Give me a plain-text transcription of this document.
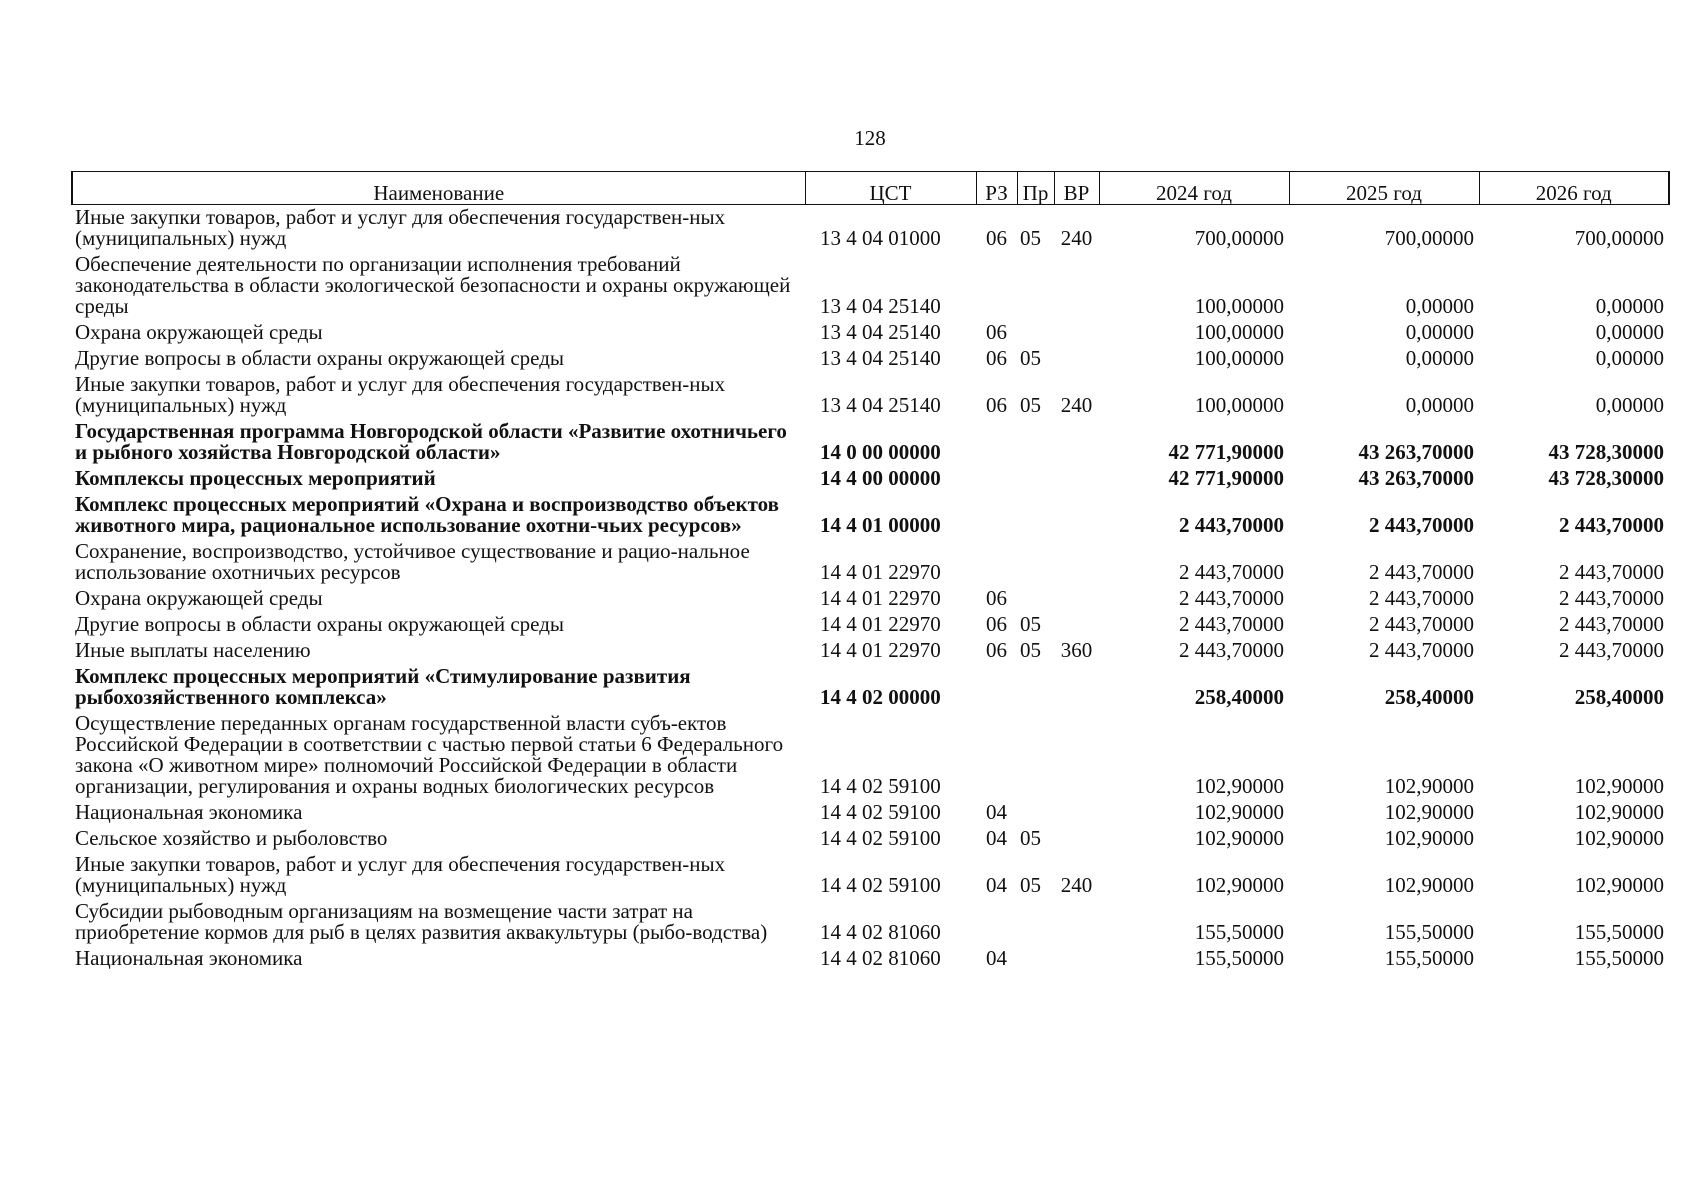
128
Наименование	ЦСТ	РЗ	Пр	ВР	2024 год	2025 год	2026 год
Иные закупки товаров, работ и услуг для обеспечения государствен-ных (муниципальных) нужд	13 4 04 01000	06	05	240	700,00000	700,00000	700,00000
Обеспечение деятельности по организации исполнения требований законодательства в области экологической безопасности и охраны окружающей среды	13 4 04 25140				100,00000	0,00000	0,00000
Охрана окружающей среды	13 4 04 25140	06			100,00000	0,00000	0,00000
Другие вопросы в области охраны окружающей среды	13 4 04 25140	06	05		100,00000	0,00000	0,00000
Иные закупки товаров, работ и услуг для обеспечения государствен-ных (муниципальных) нужд	13 4 04 25140	06	05	240	100,00000	0,00000	0,00000
Государственная программа Новгородской области «Развитие охотничьего и рыбного хозяйства Новгородской области»	14 0 00 00000				42 771,90000	43 263,70000	43 728,30000
Комплексы процессных мероприятий	14 4 00 00000				42 771,90000	43 263,70000	43 728,30000
Комплекс процессных мероприятий «Охрана и воспроизводство объектов животного мира, рациональное использование охотни-чьих ресурсов»	14 4 01 00000				2 443,70000	2 443,70000	2 443,70000
Сохранение, воспроизводство, устойчивое существование и рацио-нальное использование охотничьих ресурсов	14 4 01 22970				2 443,70000	2 443,70000	2 443,70000
Охрана окружающей среды	14 4 01 22970	06			2 443,70000	2 443,70000	2 443,70000
Другие вопросы в области охраны окружающей среды	14 4 01 22970	06	05		2 443,70000	2 443,70000	2 443,70000
Иные выплаты населению	14 4 01 22970	06	05	360	2 443,70000	2 443,70000	2 443,70000
Комплекс процессных мероприятий «Стимулирование развития рыбохозяйственного комплекса»	14 4 02 00000				258,40000	258,40000	258,40000
Осуществление переданных органам государственной власти субъ-ектов Российской Федерации в соответствии с частью первой статьи 6 Федерального закона «О животном мире» полномочий Российской Федерации в области организации, регулирования и охраны водных биологических ресурсов	14 4 02 59100				102,90000	102,90000	102,90000
Национальная экономика	14 4 02 59100	04			102,90000	102,90000	102,90000
Сельское хозяйство и рыболовство	14 4 02 59100	04	05		102,90000	102,90000	102,90000
Иные закупки товаров, работ и услуг для обеспечения государствен-ных (муниципальных) нужд	14 4 02 59100	04	05	240	102,90000	102,90000	102,90000
Субсидии рыбоводным организациям на возмещение части затрат на приобретение кормов для рыб в целях развития аквакультуры (рыбо-водства)	14 4 02 81060				155,50000	155,50000	155,50000
Национальная экономика	14 4 02 81060	04			155,50000	155,50000	155,50000
